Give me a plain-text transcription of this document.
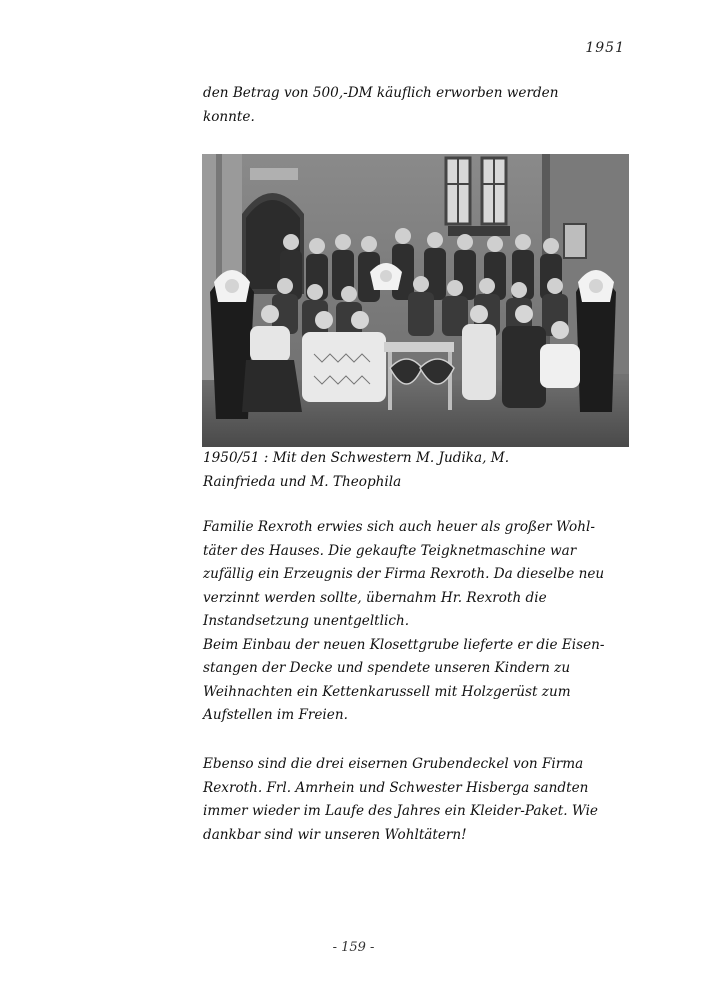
1951

den Betrag von 500,-DM käuflich erworben werden
konnte.

1950/51 : Mit den Schwestern M. Judika, M.
Rainfrieda und M. Theophila

Familie Rexroth erwies sich auch heuer als großer Wohl-
täter des Hauses. Die gekaufte Teigknetmaschine war
zufällig ein Erzeugnis der Firma Rexroth. Da dieselbe neu
verzinnt werden sollte, übernahm Hr. Rexroth die
Instandsetzung unentgeltlich.
Beim Einbau der neuen Klosettgrube lieferte er die Eisen-
stangen der Decke und spendete unseren Kindern zu
Weihnachten ein Kettenkarussell mit Holzgerüst zum
Aufstellen im Freien.

Ebenso sind die drei eisernen Grubendeckel von Firma
Rexroth. Frl. Amrhein und Schwester Hisberga sandten
immer wieder im Laufe des Jahres ein Kleider-Paket. Wie
dankbar sind wir unseren Wohltätern!

- 159 -
